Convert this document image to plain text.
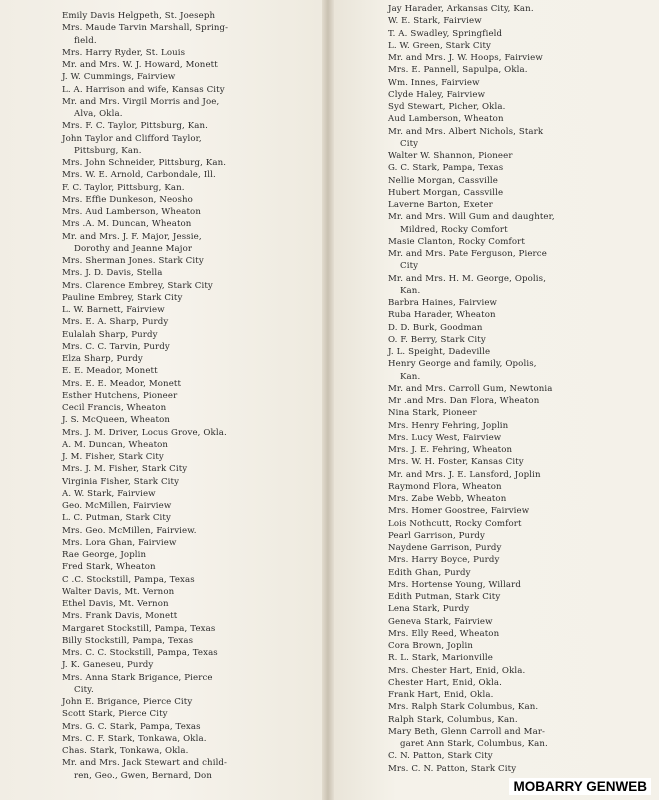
Emily Davis Helgpeth, St. Joeseph
Mrs. Maude Tarvin Marshall, Spring-
field.
Mrs. Harry Ryder, St. Louis
Mr. and Mrs. W. J. Howard, Monett
J. W. Cummings, Fairview
L. A. Harrison and wife, Kansas City
Mr. and Mrs. Virgil Morris and Joe,
Alva, Okla.
Mrs. F. C. Taylor, Pittsburg, Kan.
John Taylor and Clifford Taylor,
Pittsburg, Kan.
Mrs. John Schneider, Pittsburg, Kan.
Mrs. W. E. Arnold, Carbondale, Ill.
F. C. Taylor, Pittsburg, Kan.
Mrs. Effie Dunkeson, Neosho
Mrs. Aud Lamberson, Wheaton
Mrs .A. M. Duncan, Wheaton
Mr. and Mrs. J. F. Major, Jessie,
Dorothy and Jeanne Major
Mrs. Sherman Jones. Stark City
Mrs. J. D. Davis, Stella
Mrs. Clarence Embrey, Stark City
Pauline Embrey, Stark City
L. W. Barnett, Fairview
Mrs. E. A. Sharp, Purdy
Eulalah Sharp, Purdy
Mrs. C. C. Tarvin, Purdy
Elza Sharp, Purdy
E. E. Meador, Monett
Mrs. E. E. Meador, Monett
Esther Hutchens, Pioneer
Cecil Francis, Wheaton
J. S. McQueen, Wheaton
Mrs. J. M. Driver, Locus Grove, Okla.
A. M. Duncan, Wheaton
J. M. Fisher, Stark City
Mrs. J. M. Fisher, Stark City
Virginia Fisher, Stark City
A. W. Stark, Fairview
Geo. McMillen, Fairview
L. C. Putman, Stark City
Mrs. Geo. McMillen, Fairview.
Mrs. Lora Ghan, Fairview
Rae George, Joplin
Fred Stark, Wheaton
C .C. Stockstill, Pampa, Texas
Walter Davis, Mt. Vernon
Ethel Davis, Mt. Vernon
Mrs. Frank Davis, Monett
Margaret Stockstill, Pampa, Texas
Billy Stockstill, Pampa, Texas
Mrs. C. C. Stockstill, Pampa, Texas
J. K. Ganeseu, Purdy
Mrs. Anna Stark Brigance, Pierce
City.
John E. Brigance, Pierce City
Scott Stark, Pierce City
Mrs. G. C. Stark, Pampa, Texas
Mrs. C. F. Stark, Tonkawa, Okla.
Chas. Stark, Tonkawa, Okla.
Mr. and Mrs. Jack Stewart and child-
ren, Geo., Gwen, Bernard, Don
Jay Harader, Arkansas City, Kan.
W. E. Stark, Fairview
T. A. Swadley, Springfield
L. W. Green, Stark City
Mr. and Mrs. J. W. Hoops, Fairview
Mrs. E. Pannell, Sapulpa, Okla.
Wm. Innes, Fairview
Clyde Haley, Fairview
Syd Stewart, Picher, Okla.
Aud Lamberson, Wheaton
Mr. and Mrs. Albert Nichols, Stark
City
Walter W. Shannon, Pioneer
G. C. Stark, Pampa, Texas
Nellie Morgan, Cassville
Hubert Morgan, Cassville
Laverne Barton, Exeter
Mr. and Mrs. Will Gum and daughter,
Mildred, Rocky Comfort
Masie Clanton, Rocky Comfort
Mr. and Mrs. Pate Ferguson, Pierce
City
Mr. and Mrs. H. M. George, Opolis,
Kan.
Barbra Haines, Fairview
Ruba Harader, Wheaton
D. D. Burk, Goodman
O. F. Berry, Stark City
J. L. Speight, Dadeville
Henry George and family, Opolis,
Kan.
Mr. and Mrs. Carroll Gum, Newtonia
Mr .and Mrs. Dan Flora, Wheaton
Nina Stark, Pioneer
Mrs. Henry Fehring, Joplin
Mrs. Lucy West, Fairview
Mrs. J. E. Fehring, Wheaton
Mrs. W. H. Foster, Kansas City
Mr. and Mrs. J. E. Lansford, Joplin
Raymond Flora, Wheaton
Mrs. Zabe Webb, Wheaton
Mrs. Homer Goostree, Fairview
Lois Nothcutt, Rocky Comfort
Pearl Garrison, Purdy
Naydene Garrison, Purdy
Mrs. Harry Boyce, Purdy
Edith Ghan, Purdy
Mrs. Hortense Young, Willard
Edith Putman, Stark City
Lena Stark, Purdy
Geneva Stark, Fairview
Mrs. Elly Reed, Wheaton
Cora Brown, Joplin
R. L. Stark, Marionville
Mrs. Chester Hart, Enid, Okla.
Chester Hart, Enid, Okla.
Frank Hart, Enid, Okla.
Mrs. Ralph Stark Columbus, Kan.
Ralph Stark, Columbus, Kan.
Mary Beth, Glenn Carroll and Mar-
garet Ann Stark, Columbus, Kan.
C. N. Patton, Stark City
Mrs. C. N. Patton, Stark City
MOBARRY GENWEB
